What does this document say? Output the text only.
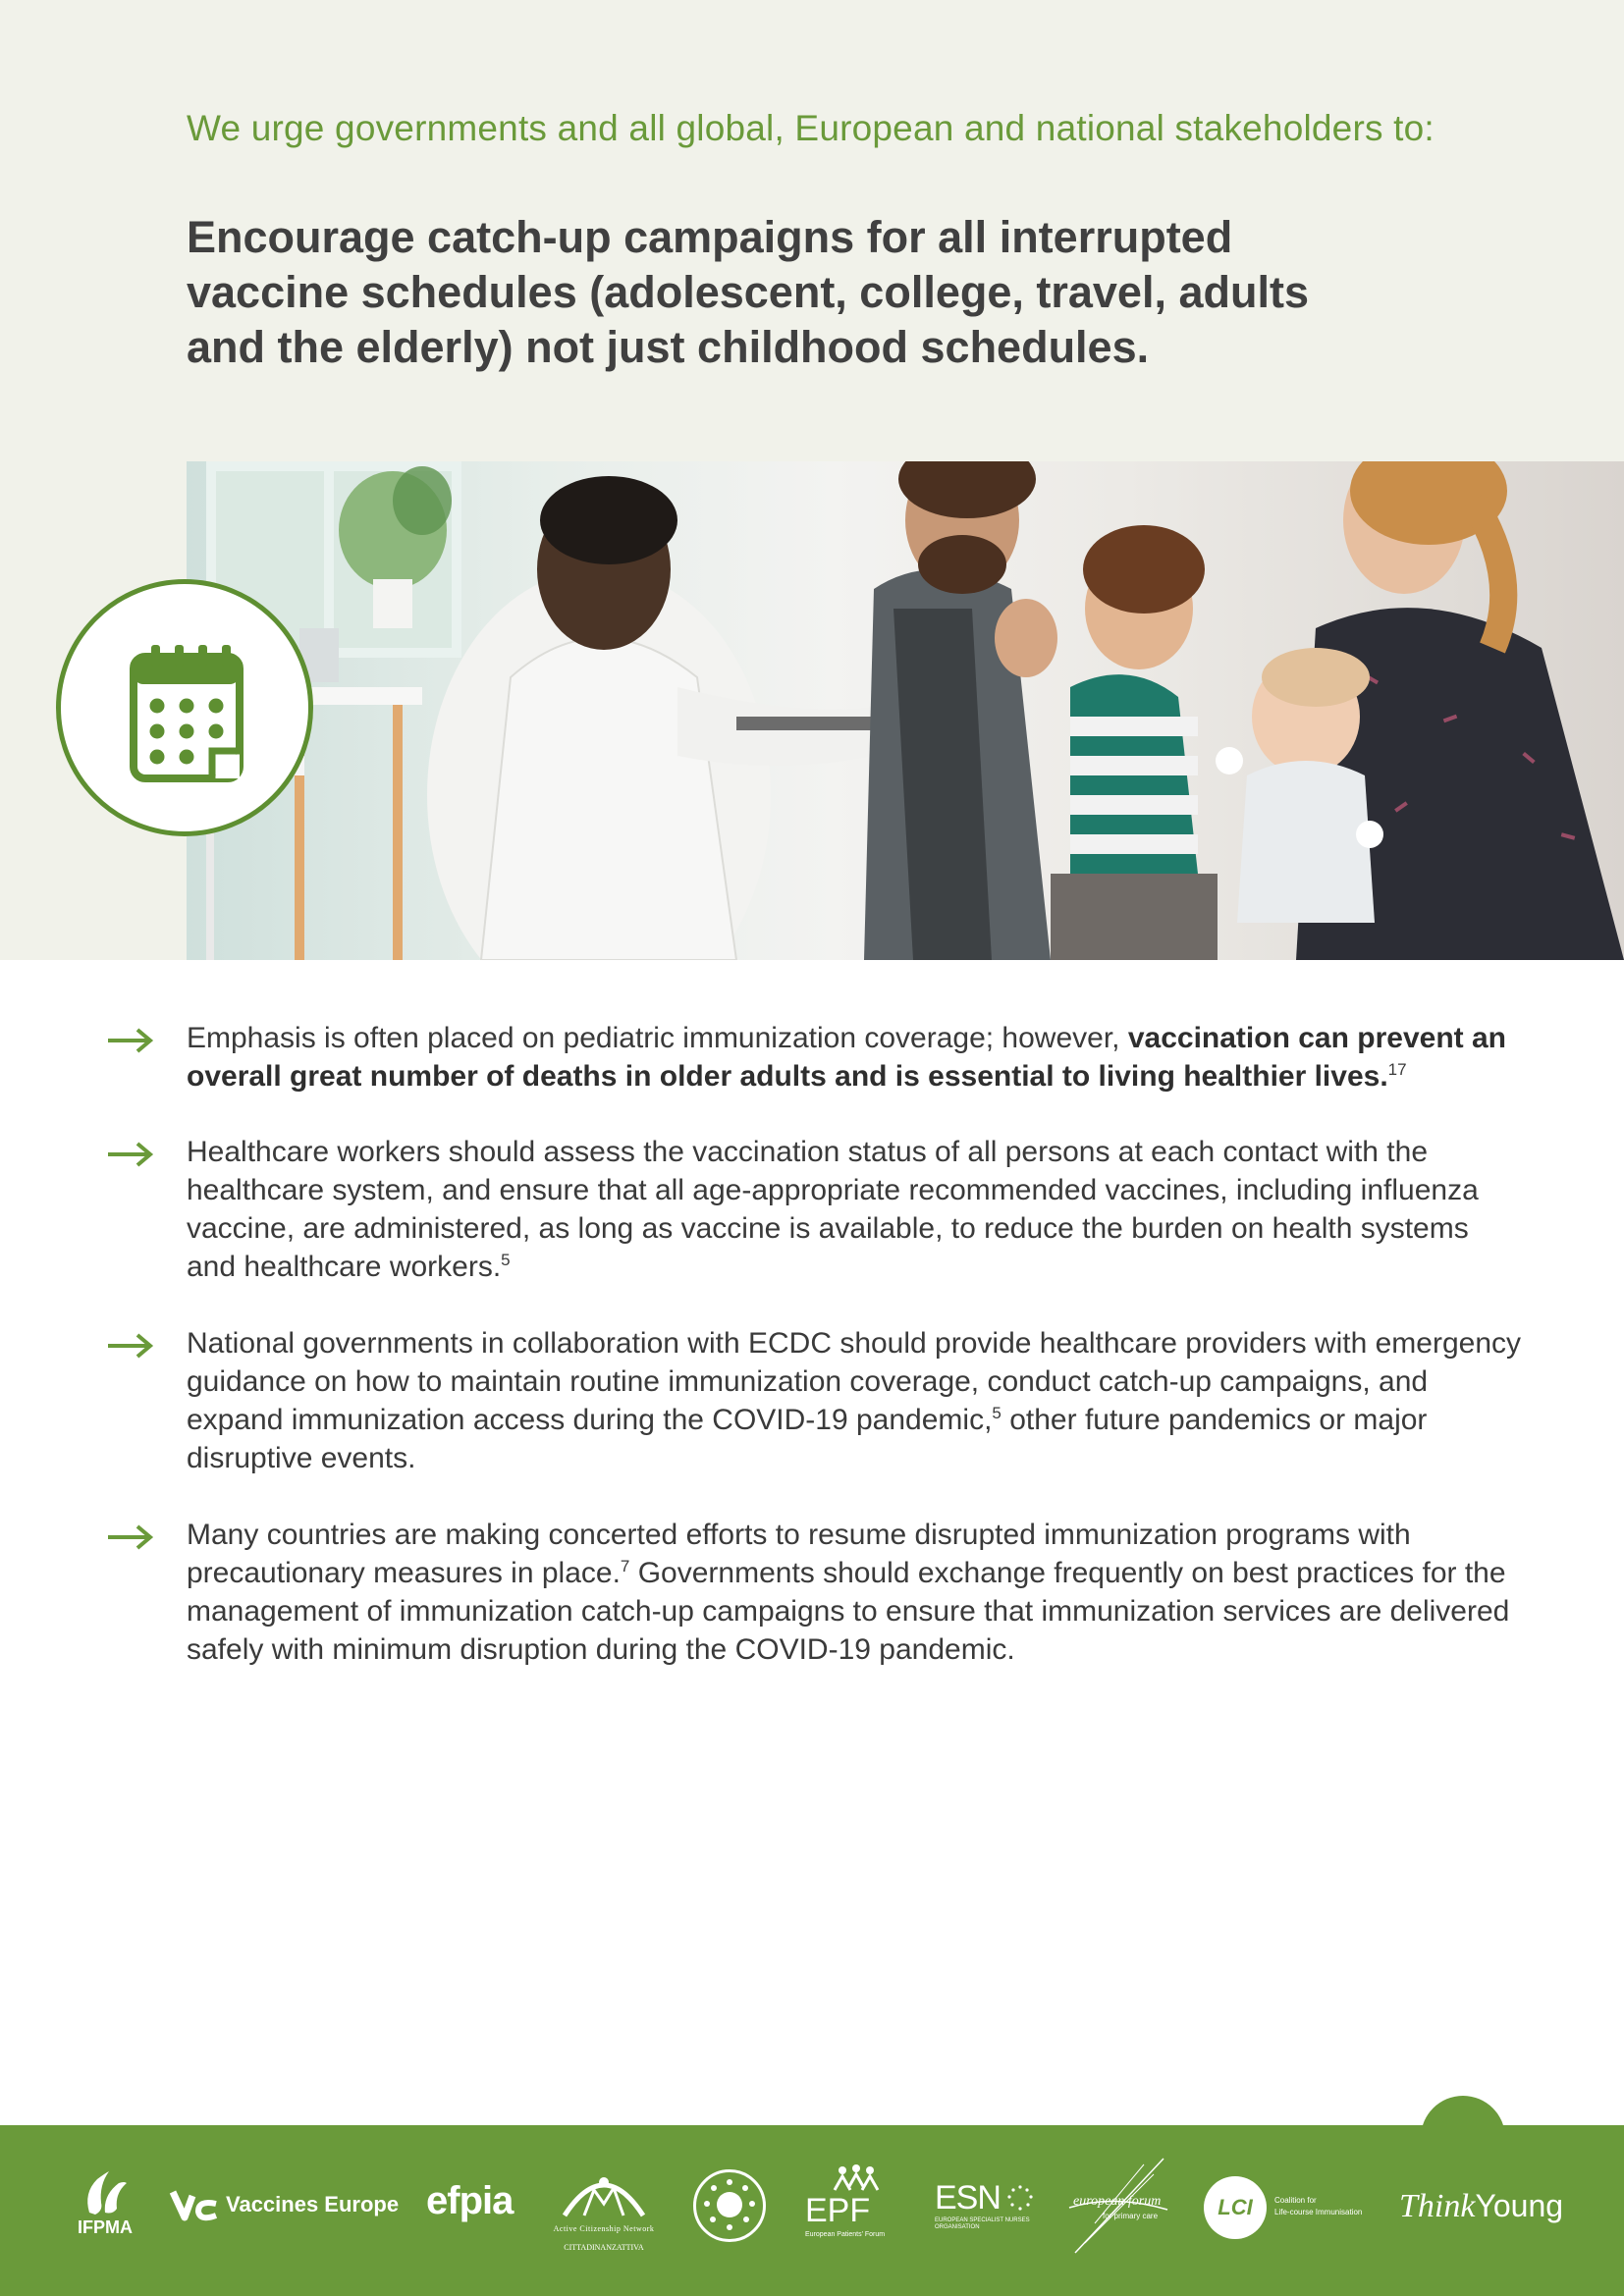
We urge governments and all global, European and national stakeholders to:
Encourage catch-up campaigns for all interrupted vaccine schedules (adolescent, college, travel, adults and the elderly) not just childhood schedules.
Emphasis is often placed on pediatric immunization coverage; however, vaccination can prevent an overall great number of deaths in older adults and is essential to living healthier lives.$^{17}$
Healthcare workers should assess the vaccination status of all persons at each contact with the healthcare system, and ensure that all age-appropriate recommended vaccines, including influenza vaccine, are administered, as long as vaccine is available, to reduce the burden on health systems and healthcare workers.$^5$
National governments in collaboration with ECDC should provide healthcare providers with emergency guidance on how to maintain routine immunization coverage, conduct catch-up campaigns, and expand immunization access during the COVID-19 pandemic,$^5$ other future pandemics or major disruptive events.
Many countries are making concerted efforts to resume disrupted immunization programs with precautionary measures in place.$^7$ Governments should exchange frequently on best practices for the management of immunization catch-up campaigns to ensure that immunization services are delivered safely with minimum disruption during the COVID-19 pandemic.
IFPMA
Vaccines Europe efpia
Active Citizenship Network
CITTADINANZATTIVA
EPF
European Patients' Forum
ESN
EUROPEAN SPECIALIST NURSES ORGANISATION
european forum
for primary care	LCI	Coalition for
Life-course Immunisation ThinkYoung
